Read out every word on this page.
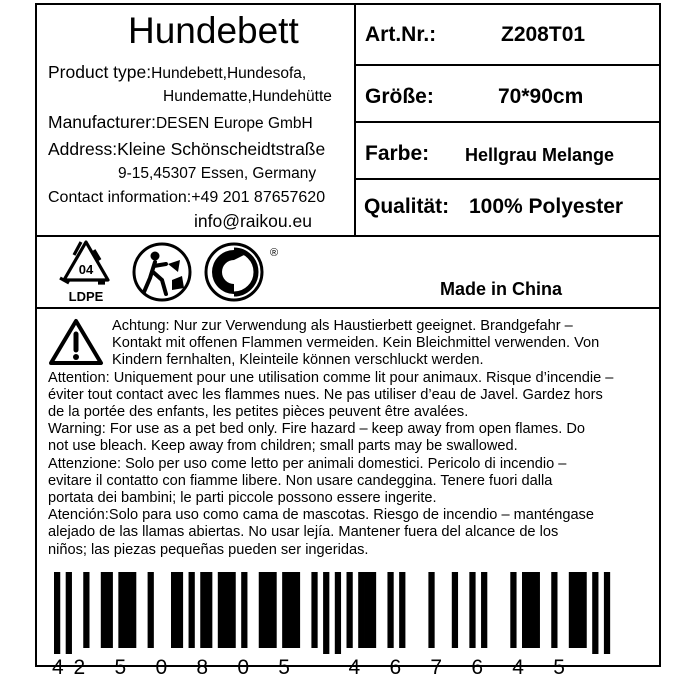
Hundebett
Product type:Hundebett,Hundesofa,
Hundematte,Hundehütte
Manufacturer:DESEN Europe GmbH
Address:Kleine Schönscheidtstraße
9-15,45307 Essen, Germany
Contact information:+49 201 87657620
info@raikou.eu
Art.Nr.:	Z208T01
Größe:	70*90cm
Farbe: Hellgrau Melange
Qualität: 100% Polyester
04
LDPE
®
Made in China
Achtung: Nur zur Verwendung als Haustierbett geeignet. Brandgefahr –
Kontakt mit offenen Flammen vermeiden. Kein Bleichmittel verwenden. Von
Kindern fernhalten, Kleinteile können verschluckt werden.
Attention: Uniquement pour une utilisation comme lit pour animaux. Risque d’incendie –
éviter tout contact avec les flammes nues. Ne pas utiliser d’eau de Javel. Gardez hors
de la portée des enfants, les petites pièces peuvent être avalées.
Warning: For use as a pet bed only. Fire hazard – keep away from open flames. Do
not use bleach. Keep away from children; small parts may be swallowed.
Attenzione: Solo per uso come letto per animali domestici. Pericolo di incendio –
evitare il contatto con fiamme libere. Non usare candeggina. Tenere fuori dalla
portata dei bambini; le parti piccole possono essere ingerite.
Atención:Solo para uso como cama de mascotas. Riesgo de incendio – manténgase
alejado de las llamas abiertas. No usar lejía. Mantener fuera del alcance de los
niños; las piezas pequeñas pueden ser ingeridas.
4 2 5 0 8 0 5	4 6 7 6 4 5
